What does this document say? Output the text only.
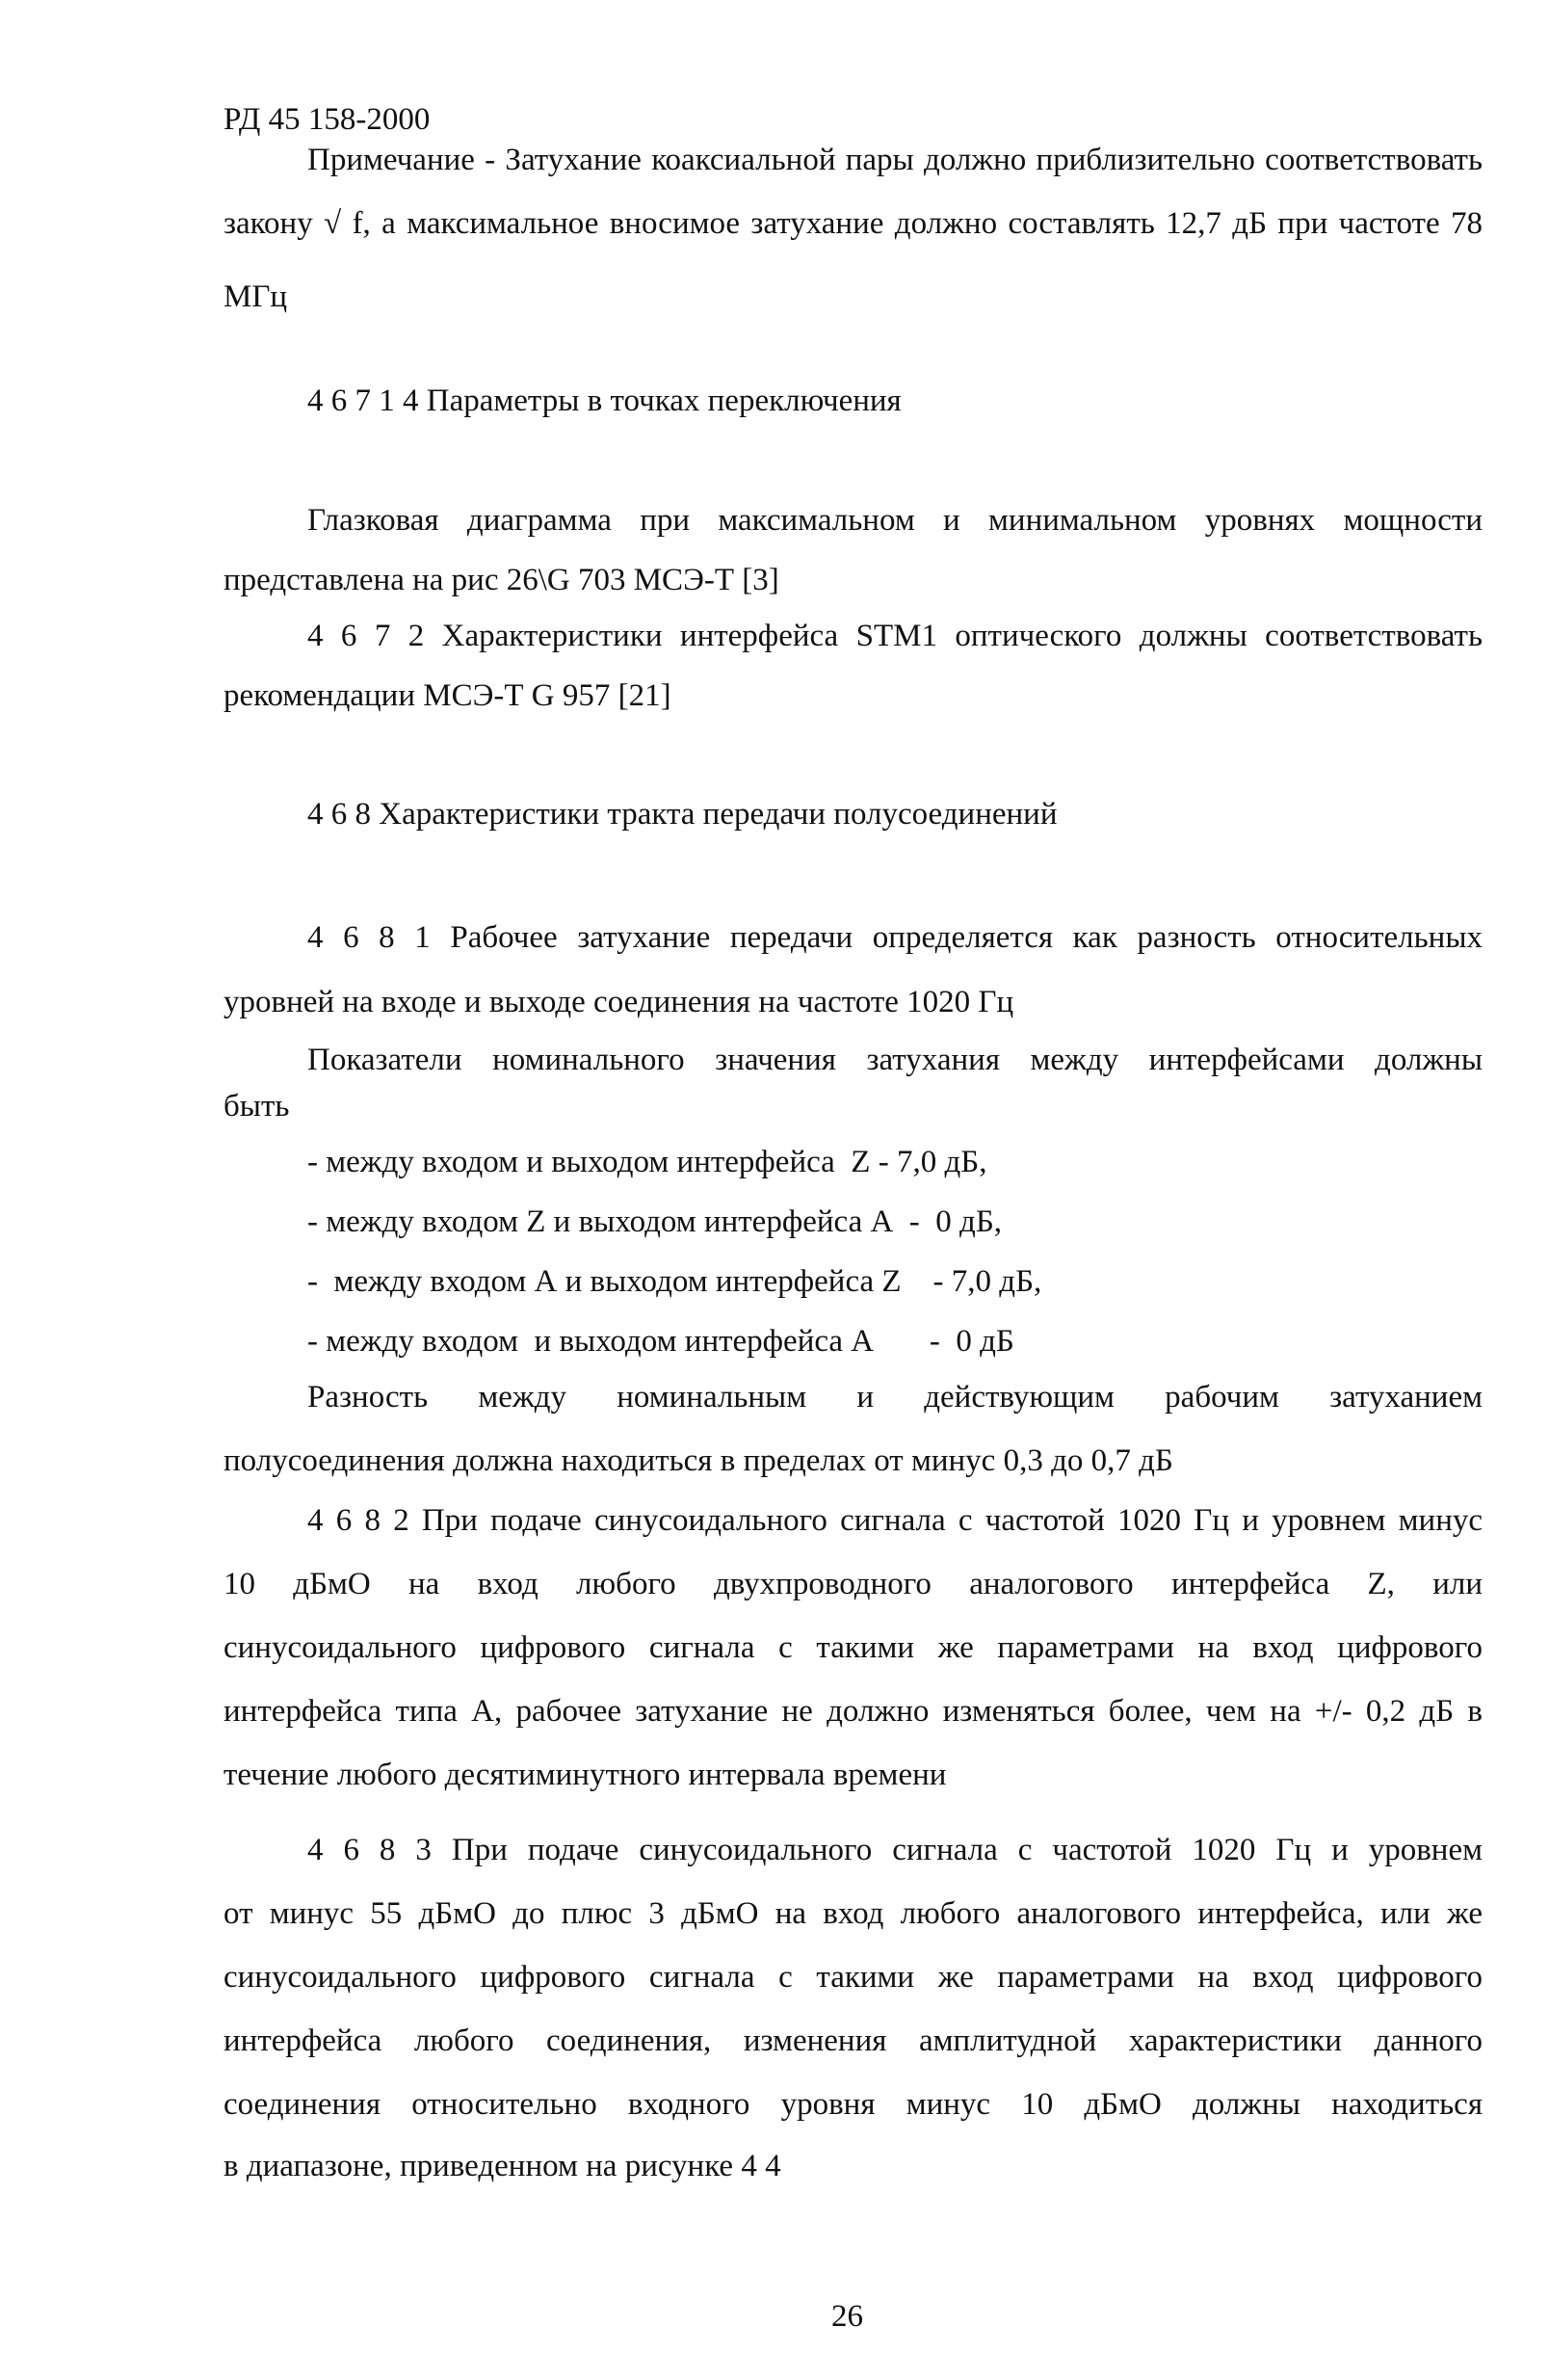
РД 45 158-2000
Примечание - Затухание коаксиальной пары должно приблизительно соответствовать
закону √ f, а максимальное вносимое затухание должно составлять 12,7 дБ при частоте 78
МГц
4 6 7 1 4 Параметры в точках переключения
Глазковая диаграмма при максимальном и минимальном уровнях мощности
представлена на рис 26\G 703 МСЭ-Т [3]
4 6 7 2 Характеристики интерфейса STM1 оптического должны соответствовать
рекомендации МСЭ-Т G 957 [21]
4 6 8 Характеристики тракта передачи полусоединений
4 6 8 1 Рабочее затухание передачи определяется как разность относительных
уровней на входе и выходе соединения на частоте 1020 Гц
Показатели номинального значения затухания между интерфейсами должны
быть
- между входом и выходом интерфейса  Z - 7,0 дБ,
- между входом Z и выходом интерфейса А  -  0 дБ,
-  между входом А и выходом интерфейса Z    - 7,0 дБ,
- между входом  и выходом интерфейса А       -  0 дБ
Разность между номинальным и действующим рабочим затуханием
полусоединения должна находиться в пределах от минус 0,3 до 0,7 дБ
4 6 8 2 При подаче синусоидального сигнала с частотой 1020 Гц и уровнем минус
10 дБмО на вход любого двухпроводного аналогового интерфейса Z, или
синусоидального цифрового сигнала с такими же параметрами на вход цифрового
интерфейса типа А, рабочее затухание не должно изменяться более, чем на +/- 0,2 дБ в
течение любого десятиминутного интервала времени
4 6 8 3 При подаче синусоидального сигнала с частотой 1020 Гц и уровнем
от минус 55 дБмО до плюс 3 дБмО на вход любого аналогового интерфейса, или же
синусоидального цифрового сигнала с такими же параметрами на вход цифрового
интерфейса любого соединения, изменения амплитудной характеристики данного
соединения относительно входного уровня минус 10 дБмО должны находиться
в диапазоне, приведенном на рисунке 4 4
26
